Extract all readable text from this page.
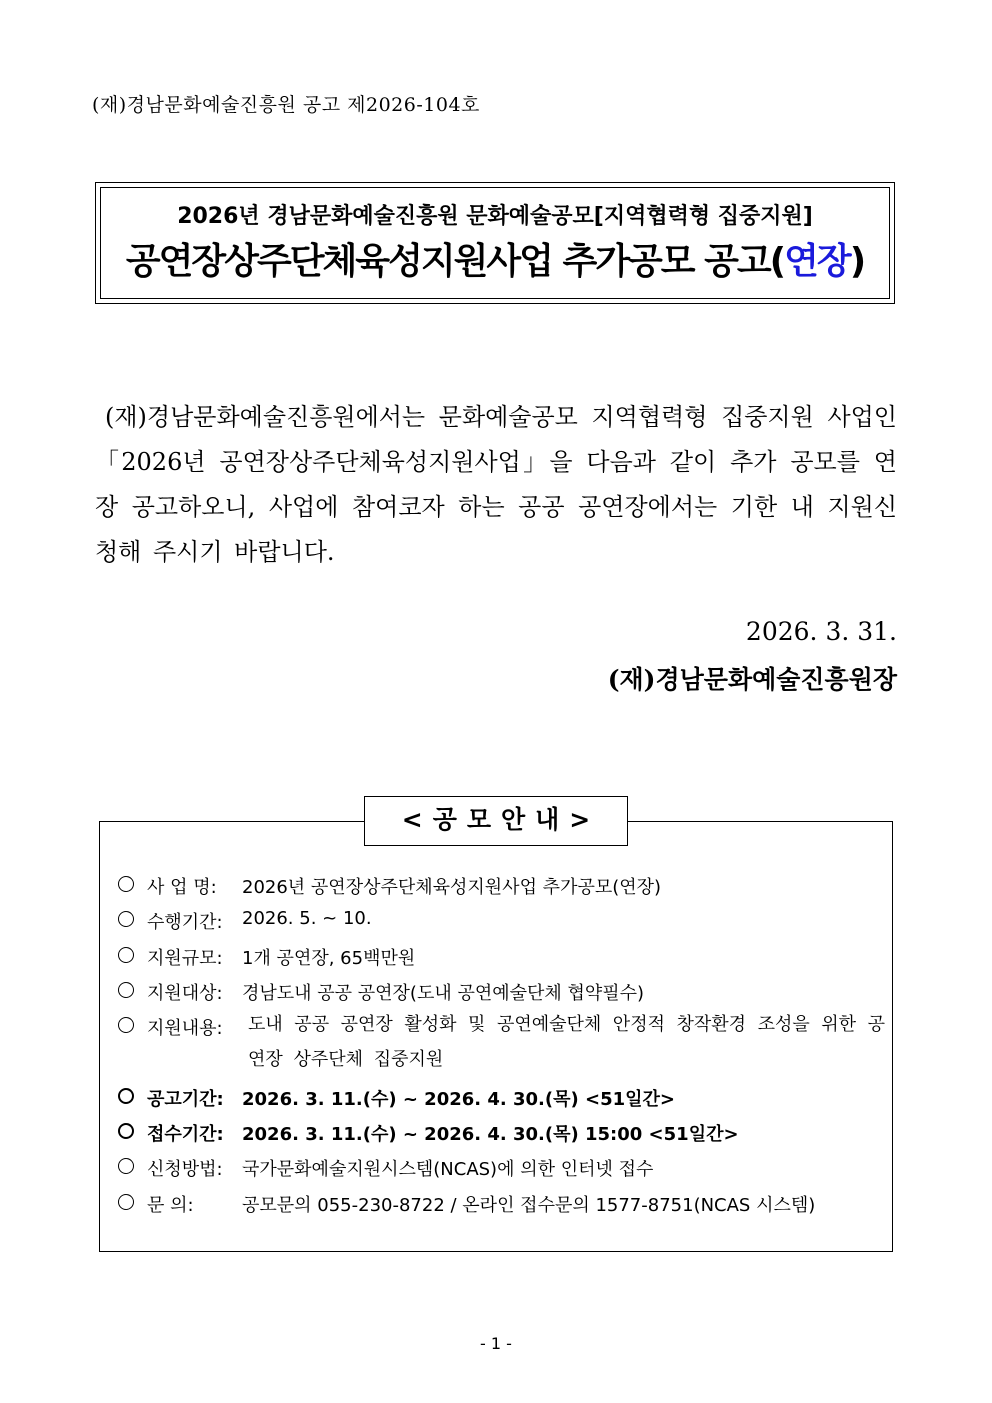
(재)경남문화예술진흥원 공고 제2026-104호
2026년 경남문화예술진흥원 문화예술공모[지역협력형 집중지원]
공연장상주단체육성지원사업 추가공모 공고(연장)
(재)경남문화예술진흥원에서는 문화예술공모 지역협력형 집중지원 사업인「2026년 공연장상주단체육성지원사업」을 다음과 같이 추가 공모를 연장 공고하오니, 사업에 참여코자 하는 공공 공연장에서는 기한 내 지원신청해 주시기 바랍니다.
2026. 3. 31.
(재)경남문화예술진흥원장
<공모안내>
사 업 명: 2026년 공연장상주단체육성지원사업 추가공모(연장)
수행기간: 2026. 5. ~ 10.
지원규모: 1개 공연장, 65백만원
지원대상: 경남도내 공공 공연장(도내 공연예술단체 협약필수)
지원내용: 도내 공공 공연장 활성화 및 공연예술단체 안정적 창작환경 조성을 위한 공연장 상주단체 집중지원
공고기간: 2026. 3. 11.(수) ~ 2026. 4. 30.(목) <51일간>
접수기간: 2026. 3. 11.(수) ~ 2026. 4. 30.(목) 15:00 <51일간>
신청방법: 국가문화예술지원시스템(NCAS)에 의한 인터넷 접수
문 의:	공모문의 055-230-8722 / 온라인 접수문의 1577-8751(NCAS 시스템)
- 1 -
